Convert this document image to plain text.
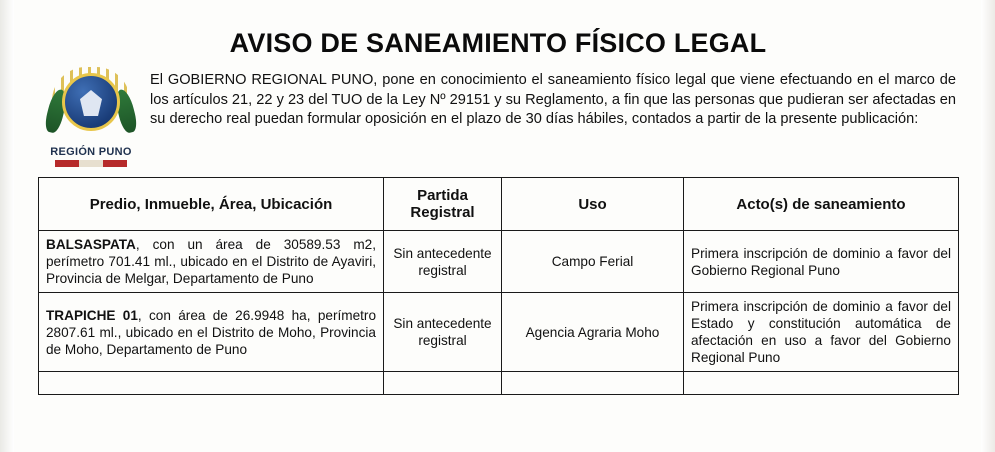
AVISO DE SANEAMIENTO FÍSICO LEGAL
REGIÓN PUNO
El GOBIERNO REGIONAL PUNO, pone en conocimiento el saneamiento físico legal que viene efectuando en el marco de los artículos 21, 22 y 23 del TUO de la Ley Nº 29151 y su Reglamento, a fin que las personas que pudieran ser afectadas en su derecho real puedan formular oposición en el plazo de 30 días hábiles, contados a partir de la presente publicación:
Predio, Inmueble, Área, Ubicación	Partida Registral	Uso	Acto(s) de saneamiento
BALSASPATA, con un área de 30589.53 m2, perímetro 701.41 ml., ubicado en el Distrito de Ayaviri, Provincia de Melgar, Departamento de Puno	Sin antecedente registral	Campo Ferial	Primera inscripción de dominio a favor del Gobierno Regional Puno
TRAPICHE 01, con área de 26.9948 ha, perímetro 2807.61 ml., ubicado en el Distrito de Moho, Provincia de Moho, Departamento de Puno	Sin antecedente registral	Agencia Agraria Moho	Primera inscripción de dominio a favor del Estado y constitución automática de afectación en uso a favor del Gobierno Regional Puno
